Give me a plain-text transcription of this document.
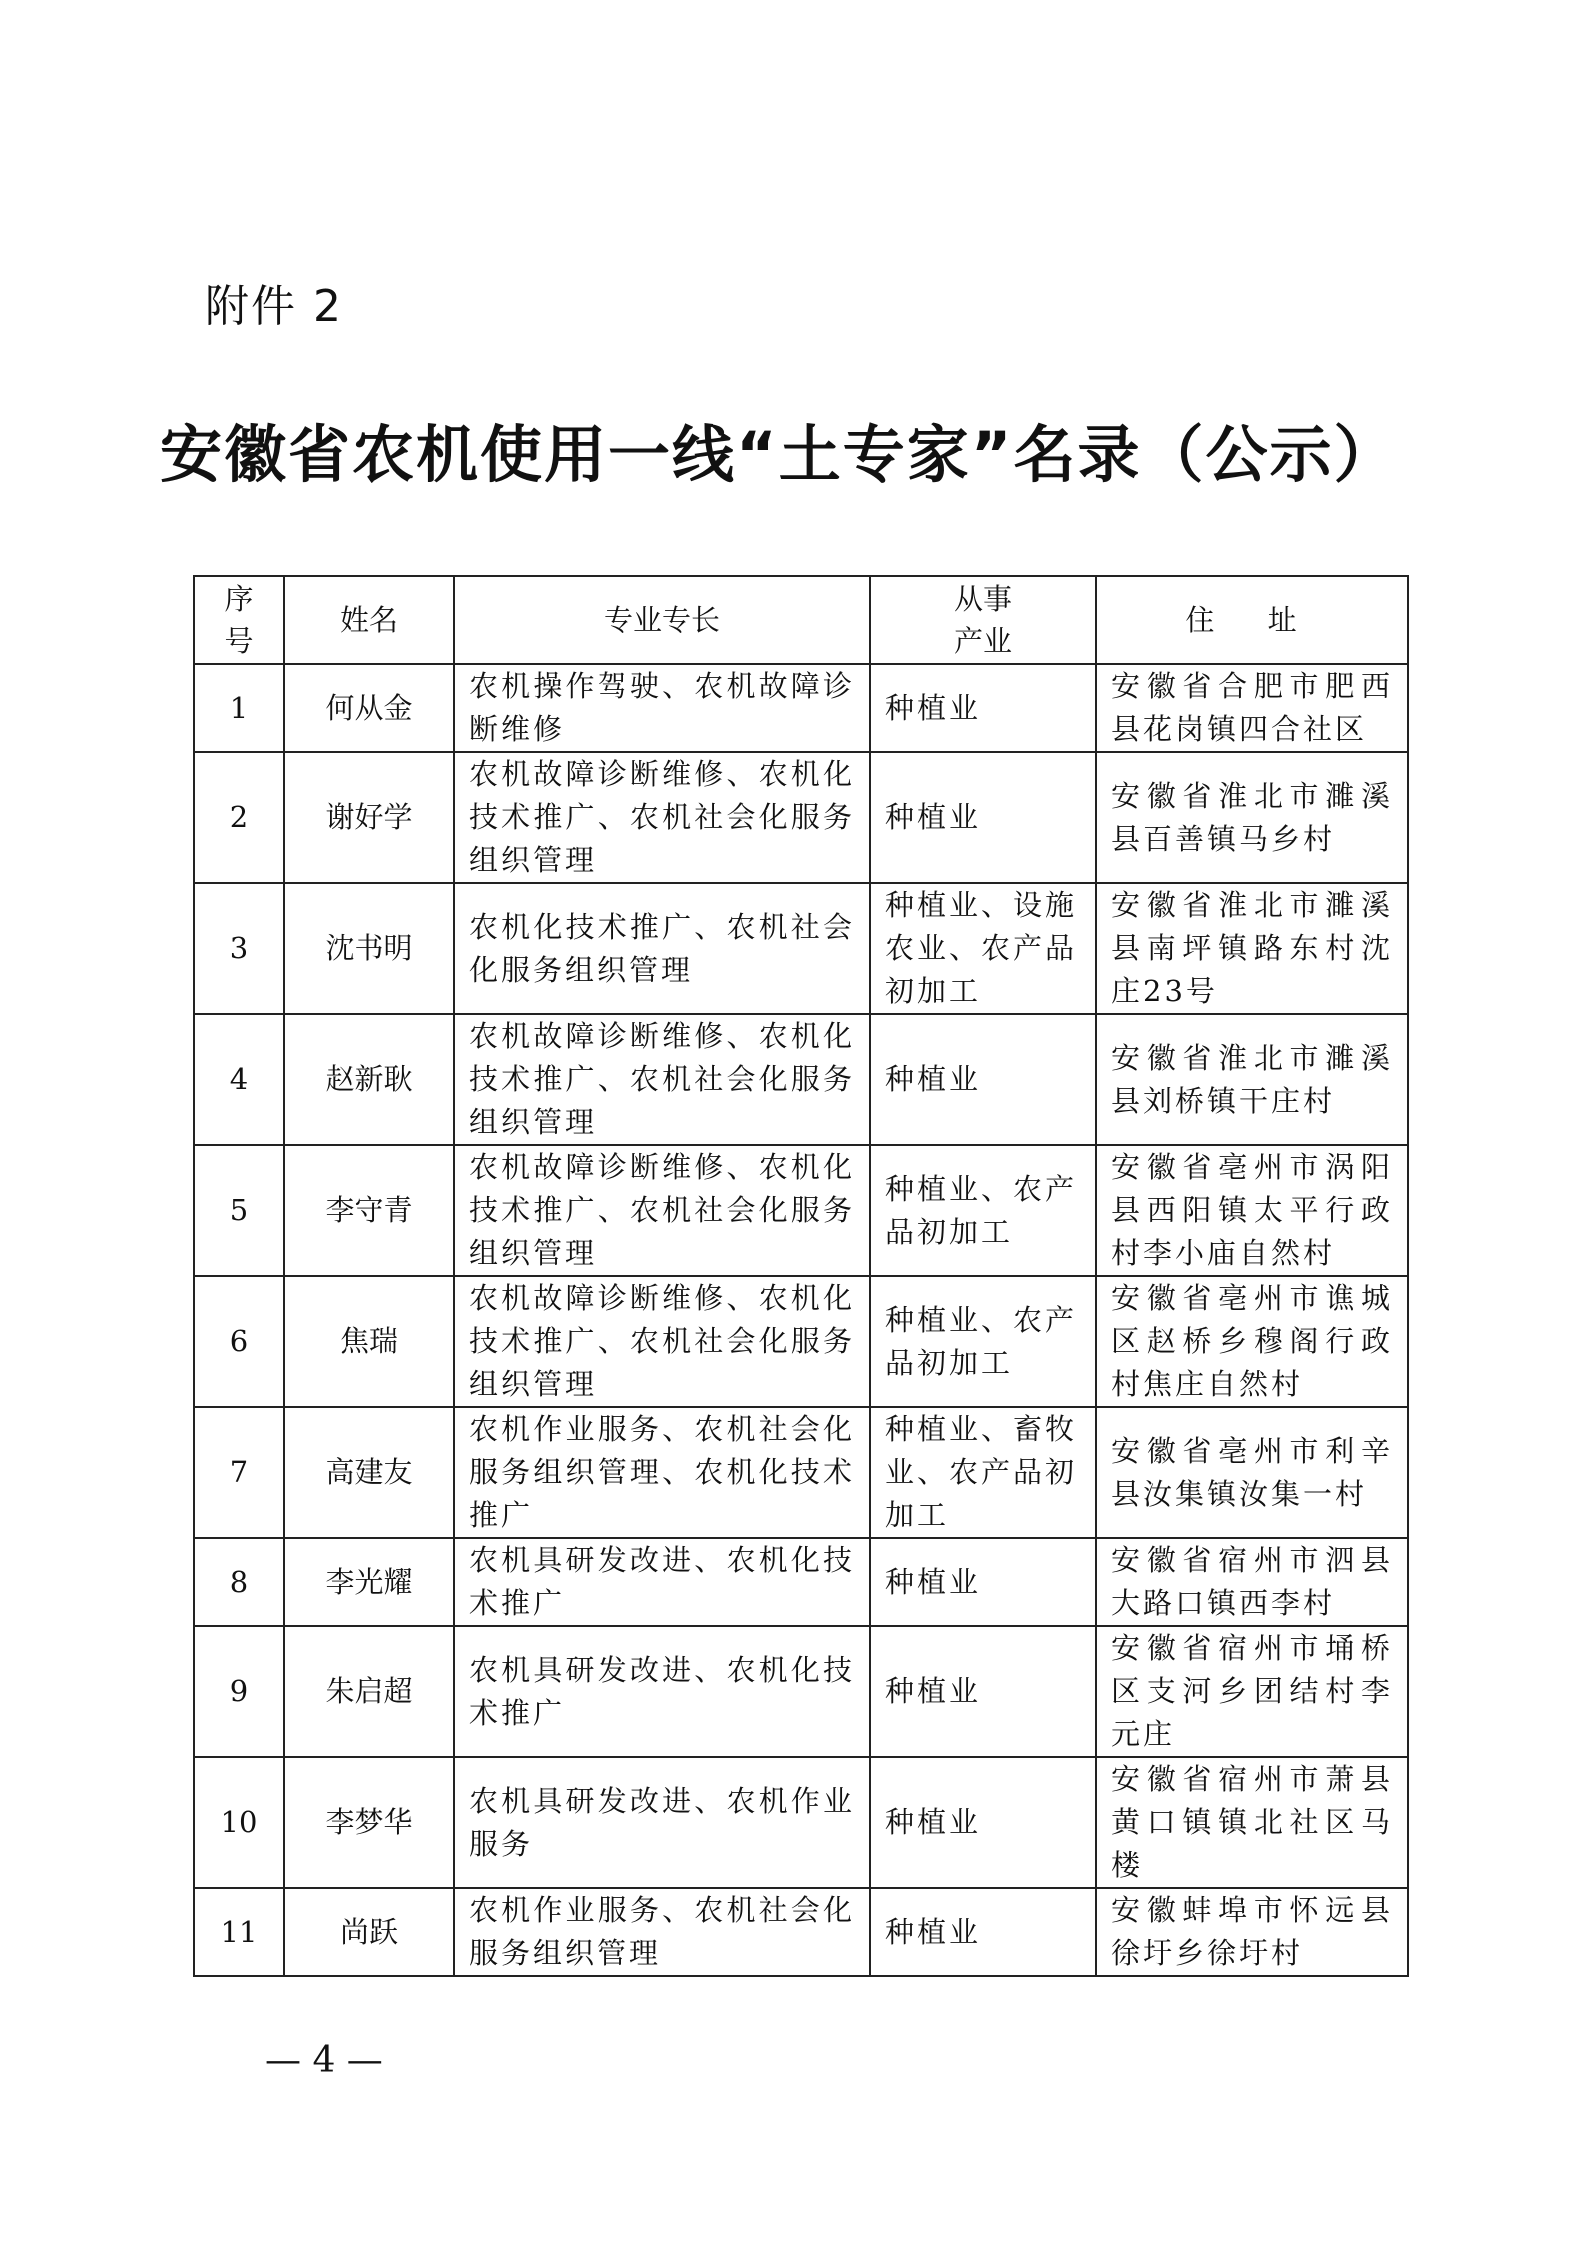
附件 2
安徽省农机使用一线“土专家”名录（公示）
序号	姓名	专业专长	从事产业	住 址
1	何从金	农机操作驾驶、农机故障诊断维修	种植业	安徽省合肥市肥西县花岗镇四合社区
2	谢好学	农机故障诊断维修、农机化技术推广、农机社会化服务组织管理	种植业	安徽省淮北市濉溪县百善镇马乡村
3	沈书明	农机化技术推广、农机社会化服务组织管理	种植业、设施农业、农产品初加工	安徽省淮北市濉溪县南坪镇路东村沈庄23号
4	赵新耿	农机故障诊断维修、农机化技术推广、农机社会化服务组织管理	种植业	安徽省淮北市濉溪县刘桥镇干庄村
5	李守青	农机故障诊断维修、农机化技术推广、农机社会化服务组织管理	种植业、农产品初加工	安徽省亳州市涡阳县西阳镇太平行政村李小庙自然村
6	焦瑞	农机故障诊断维修、农机化技术推广、农机社会化服务组织管理	种植业、农产品初加工	安徽省亳州市谯城区赵桥乡穆阁行政村焦庄自然村
7	高建友	农机作业服务、农机社会化服务组织管理、农机化技术推广	种植业、畜牧业、农产品初加工	安徽省亳州市利辛县汝集镇汝集一村
8	李光耀	农机具研发改进、农机化技术推广	种植业	安徽省宿州市泗县大路口镇西李村
9	朱启超	农机具研发改进、农机化技术推广	种植业	安徽省宿州市埇桥区支河乡团结村李元庄
10	李梦华	农机具研发改进、农机作业服务	种植业	安徽省宿州市萧县黄口镇镇北社区马楼
11	尚跃	农机作业服务、农机社会化服务组织管理	种植业	安徽蚌埠市怀远县徐圩乡徐圩村
— 4 —
